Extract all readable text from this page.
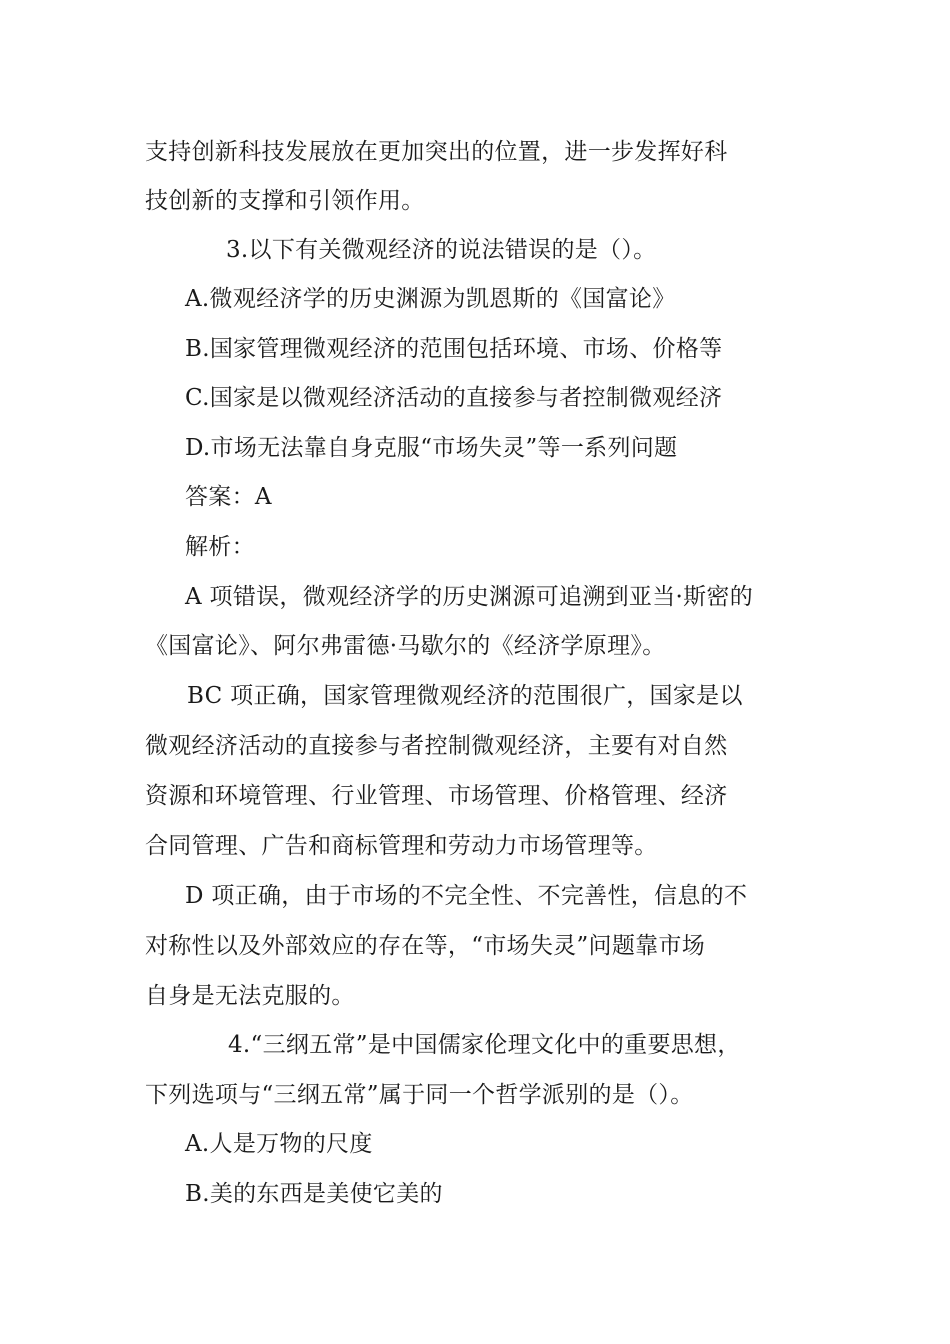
支持创新科技发展放在更加突出的位置，进一步发挥好科
技创新的支撑和引领作用。
3.以下有关微观经济的说法错误的是（）。
A.微观经济学的历史渊源为凯恩斯的《国富论》
B.国家管理微观经济的范围包括环境、市场、价格等
C.国家是以微观经济活动的直接参与者控制微观经济
D.市场无法靠自身克服“市场失灵”等一系列问题
答案：A
解析：
A 项错误，微观经济学的历史渊源可追溯到亚当·斯密的
《国富论》、阿尔弗雷德·马歇尔的《经济学原理》。
BC 项正确，国家管理微观经济的范围很广，国家是以
微观经济活动的直接参与者控制微观经济，主要有对自然
资源和环境管理、行业管理、市场管理、价格管理、经济
合同管理、广告和商标管理和劳动力市场管理等。
D 项正确，由于市场的不完全性、不完善性，信息的不
对称性以及外部效应的存在等，“市场失灵”问题靠市场
自身是无法克服的。
4.“三纲五常”是中国儒家伦理文化中的重要思想，
下列选项与“三纲五常”属于同一个哲学派别的是（）。
A.人是万物的尺度
B.美的东西是美使它美的
